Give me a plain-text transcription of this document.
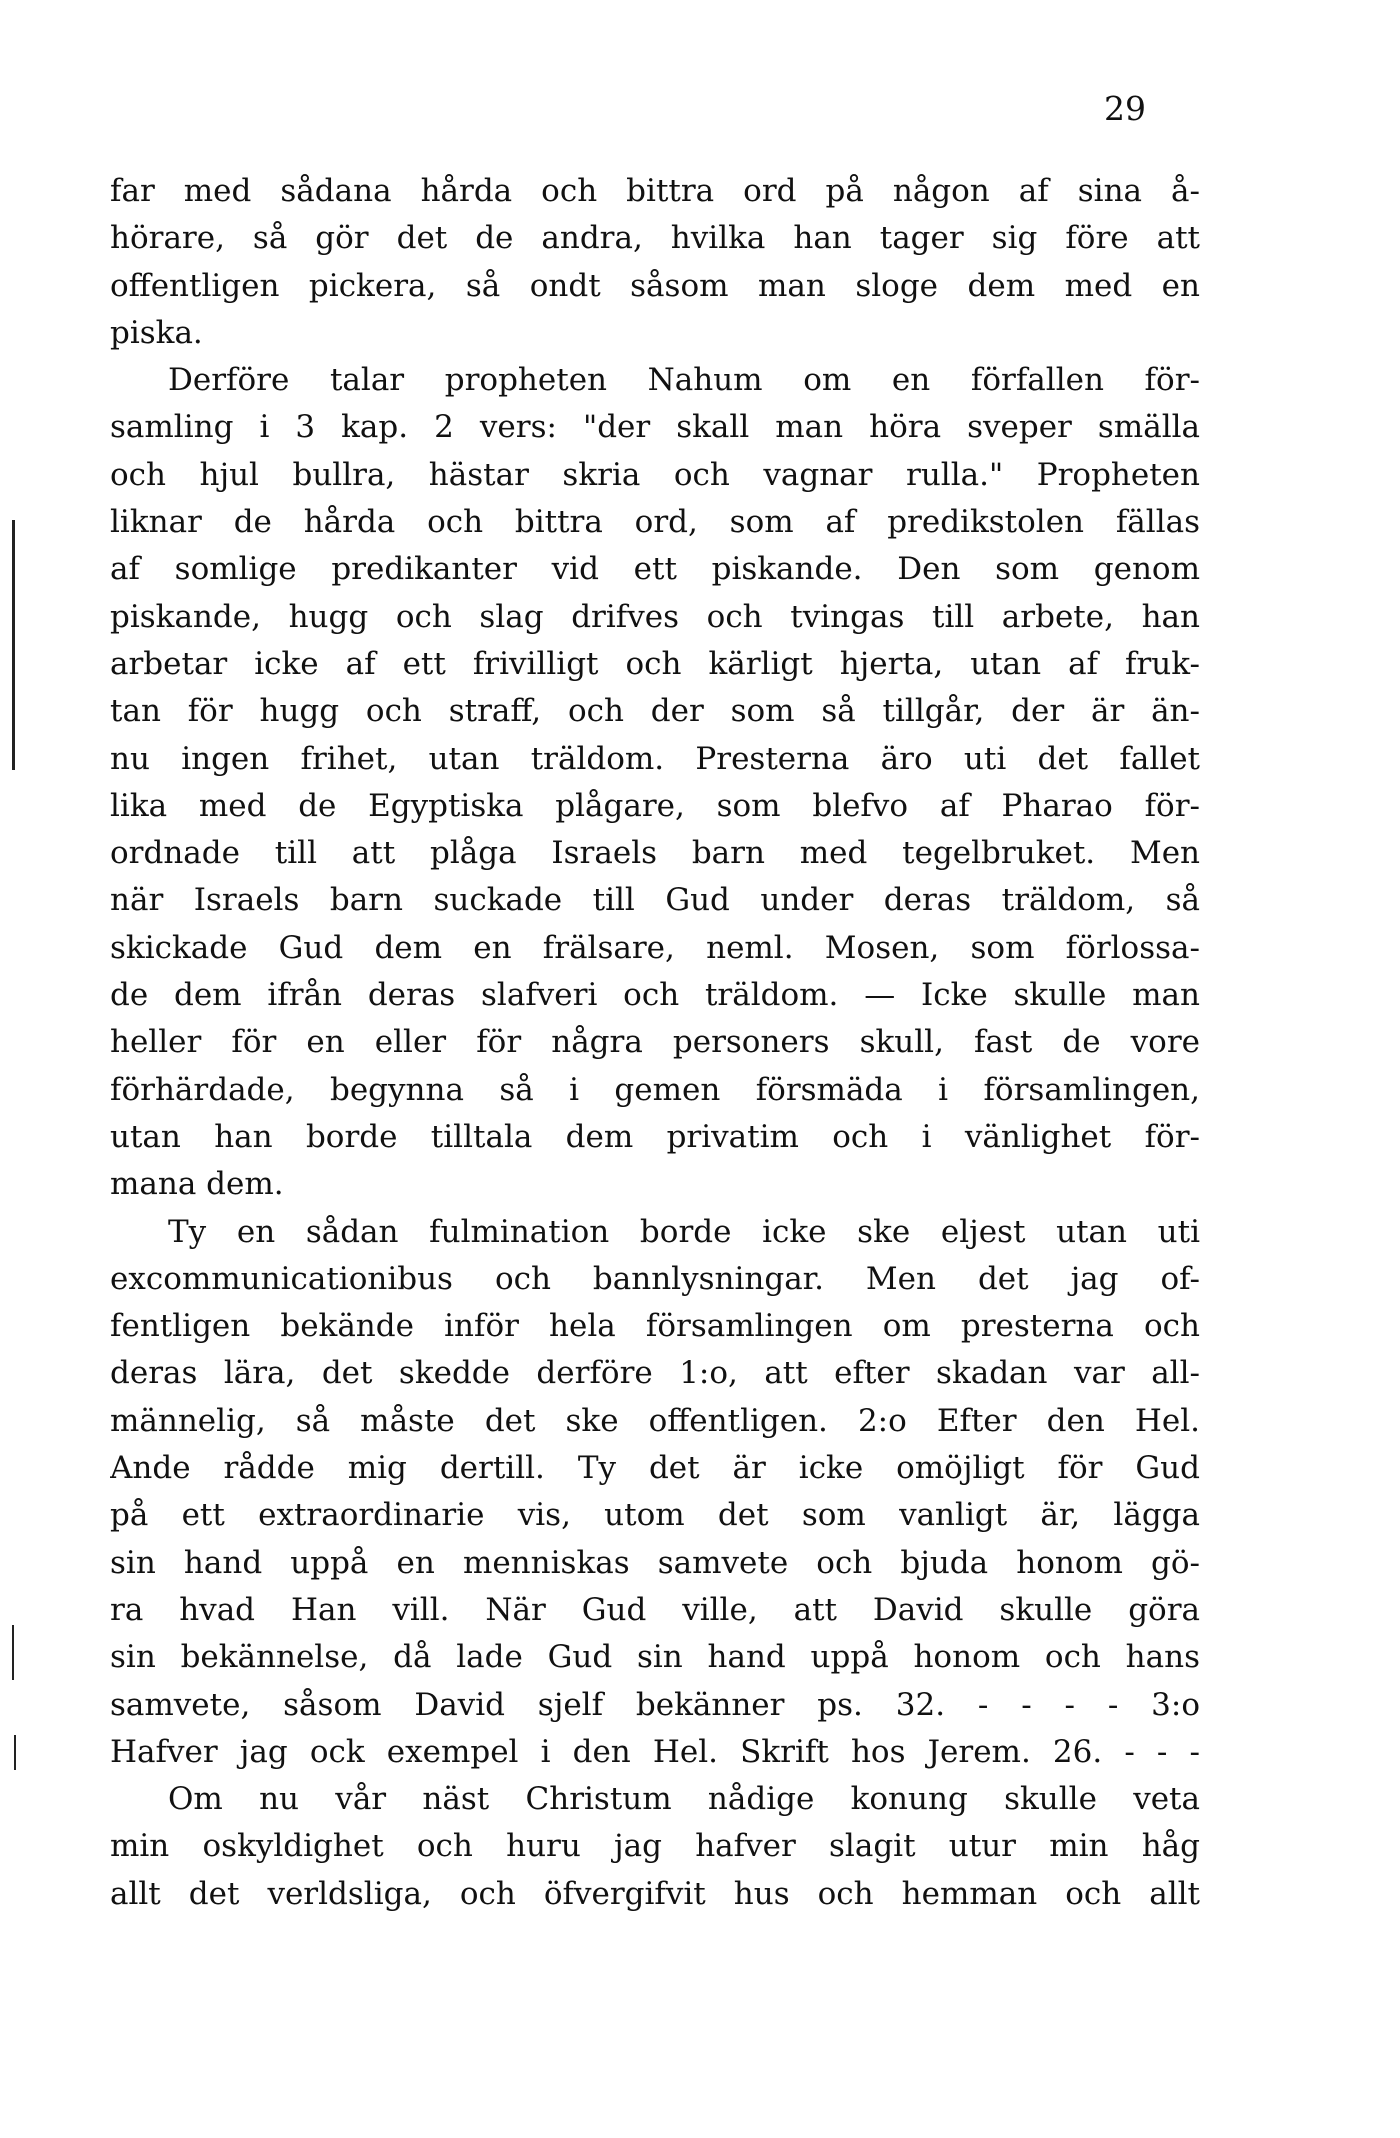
29
far med sådana hårda och bittra ord på någon af sina å-
hörare, så gör det de andra, hvilka han tager sig före att
offentligen pickera, så ondt såsom man sloge dem med en
piska.
Derföre talar propheten Nahum om en förfallen för-
samling i 3 kap. 2 vers: "der skall man höra sveper smälla
och hjul bullra, hästar skria och vagnar rulla." Propheten
liknar de hårda och bittra ord, som af predikstolen fällas
af somlige predikanter vid ett piskande. Den som genom
piskande, hugg och slag drifves och tvingas till arbete, han
arbetar icke af ett frivilligt och kärligt hjerta, utan af fruk-
tan för hugg och straff, och der som så tillgår, der är än-
nu ingen frihet, utan träldom. Presterna äro uti det fallet
lika med de Egyptiska plågare, som blefvo af Pharao för-
ordnade till att plåga Israels barn med tegelbruket. Men
när Israels barn suckade till Gud under deras träldom, så
skickade Gud dem en frälsare, neml. Mosen, som förlossa-
de dem ifrån deras slafveri och träldom. — Icke skulle man
heller för en eller för några personers skull, fast de vore
förhärdade, begynna så i gemen försmäda i församlingen,
utan han borde tilltala dem privatim och i vänlighet för-
mana dem.
Ty en sådan fulmination borde icke ske eljest utan uti
excommunicationibus och bannlysningar. Men det jag of-
fentligen bekände inför hela församlingen om presterna och
deras lära, det skedde derföre 1:o, att efter skadan var all-
männelig, så måste det ske offentligen. 2:o Efter den Hel.
Ande rådde mig dertill. Ty det är icke omöjligt för Gud
på ett extraordinarie vis, utom det som vanligt är, lägga
sin hand uppå en menniskas samvete och bjuda honom gö-
ra hvad Han vill. När Gud ville, att David skulle göra
sin bekännelse, då lade Gud sin hand uppå honom och hans
samvete, såsom David sjelf bekänner ps. 32. - - - - 3:o
Hafver jag ock exempel i den Hel. Skrift hos Jerem. 26. - - -
Om nu vår näst Christum nådige konung skulle veta
min oskyldighet och huru jag hafver slagit utur min håg
allt det verldsliga, och öfvergifvit hus och hemman och allt
